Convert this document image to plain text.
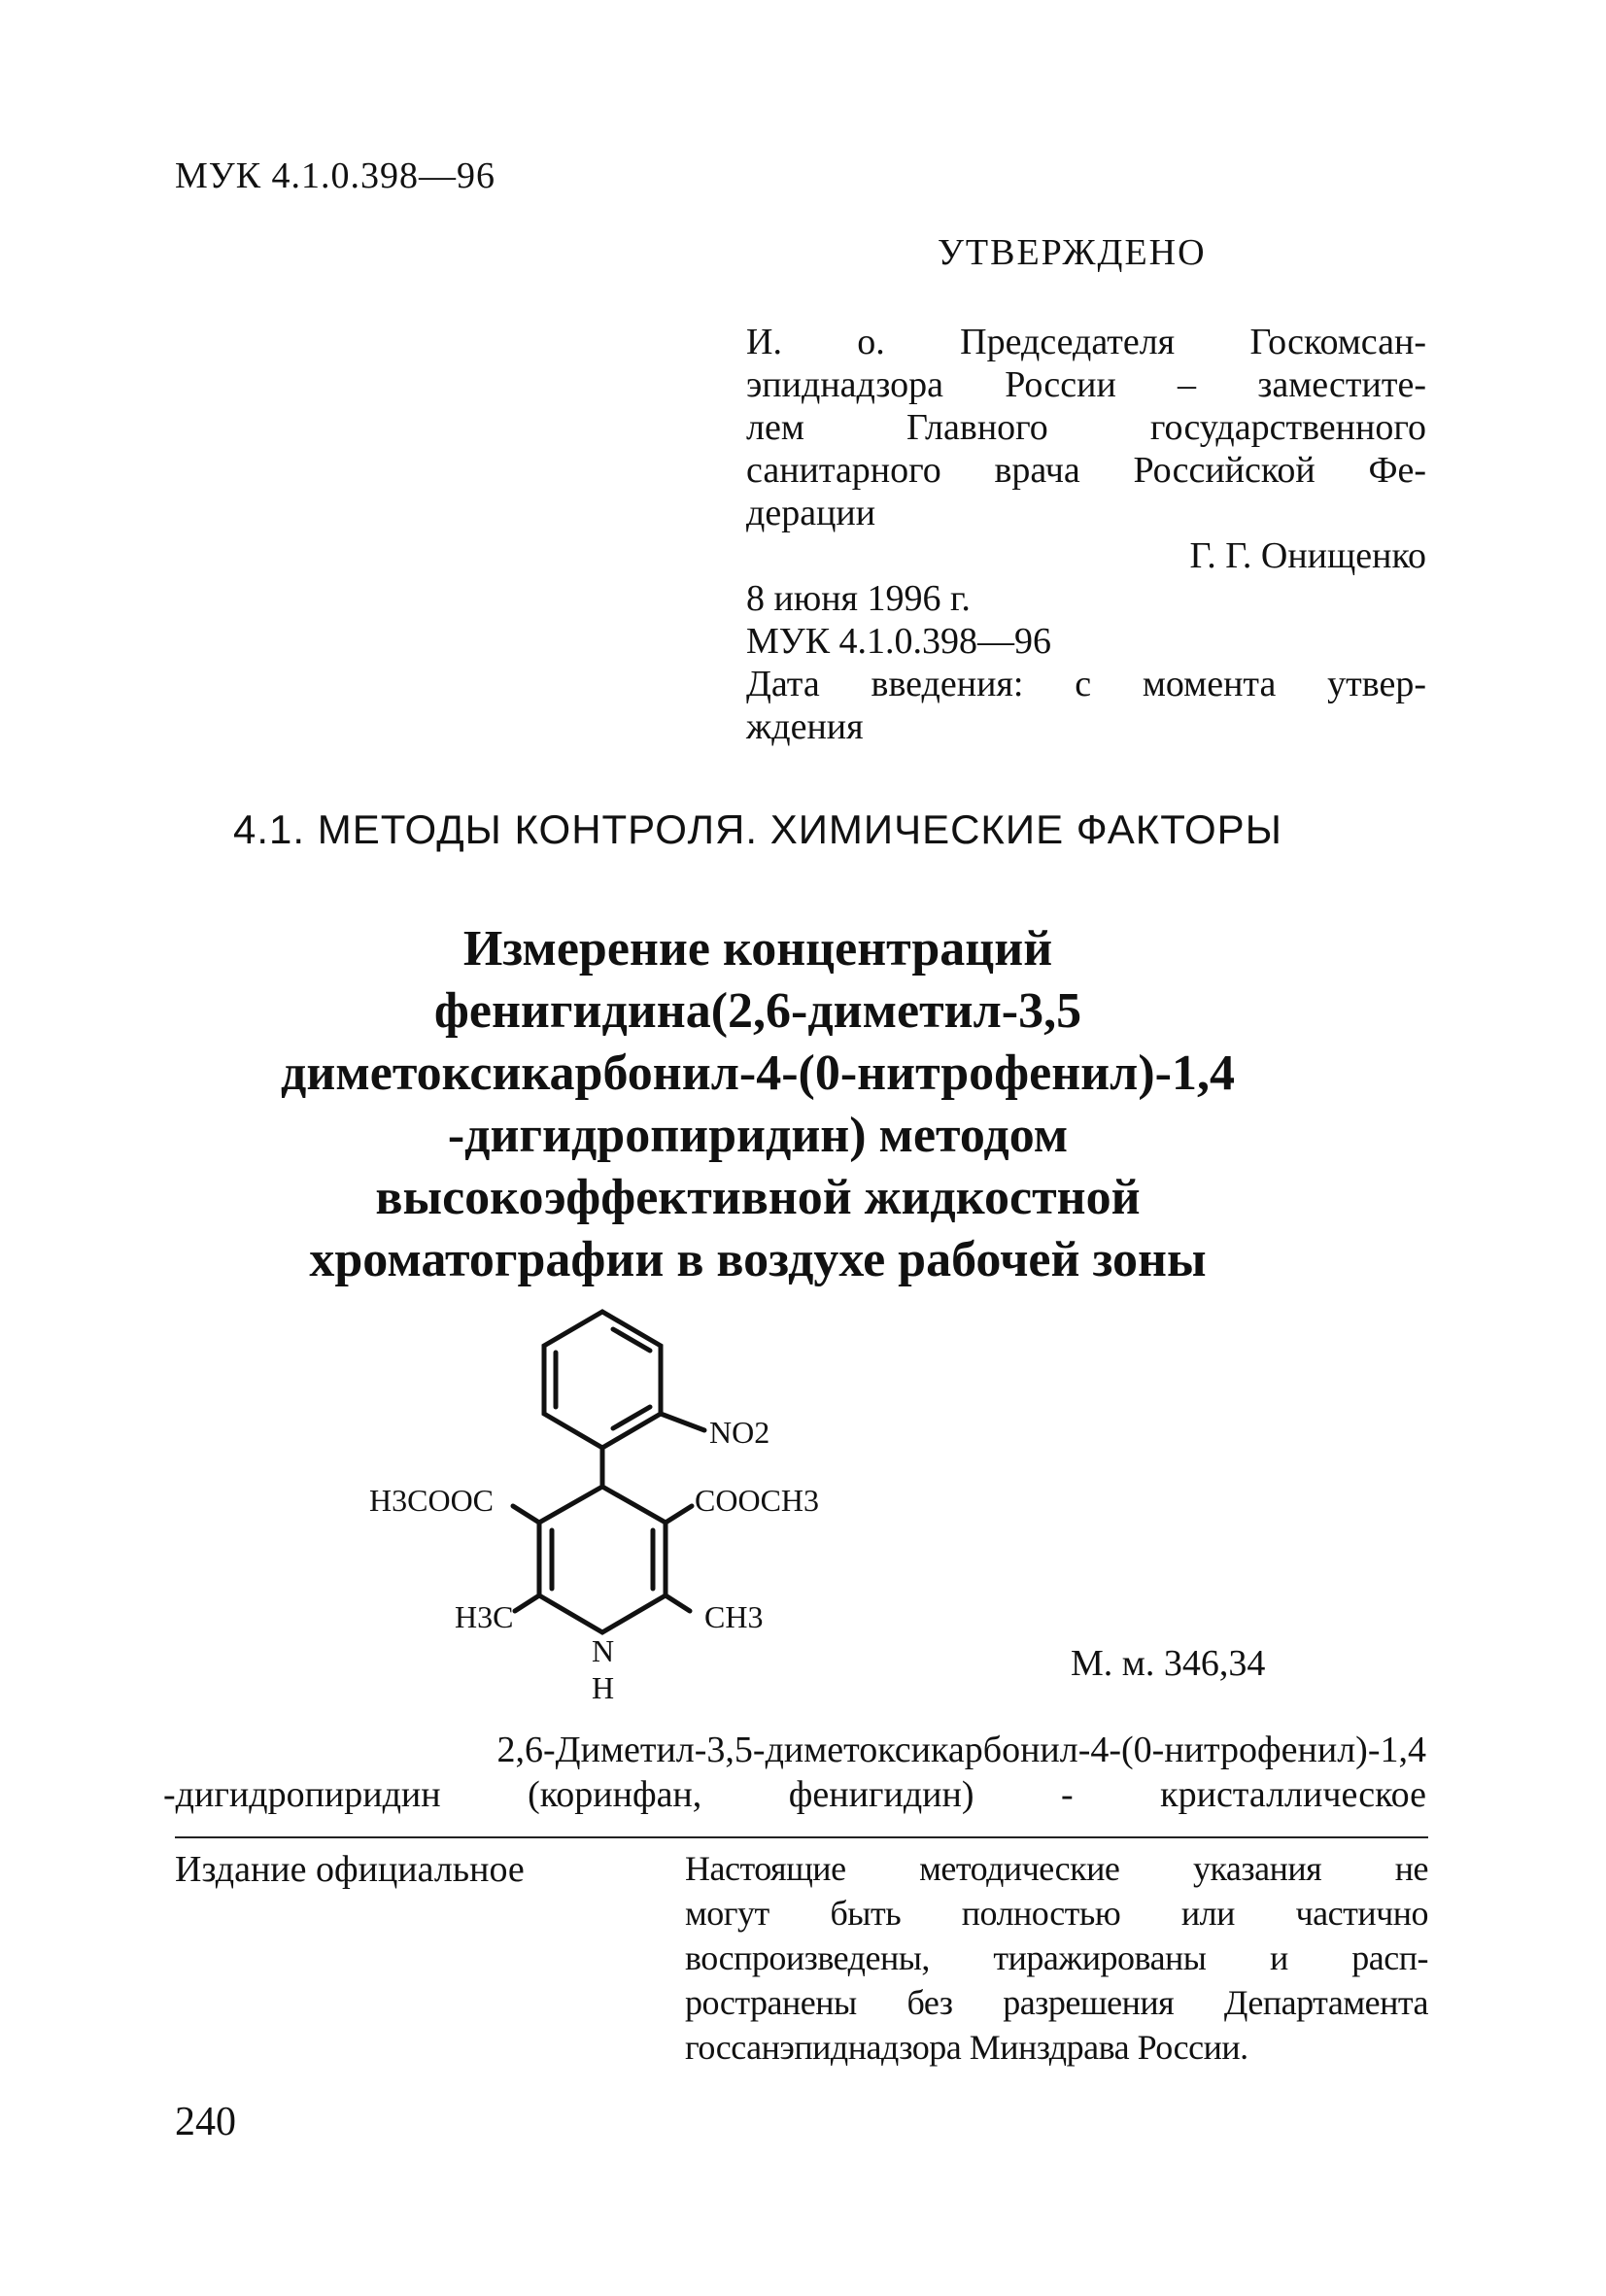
МУК 4.1.0.398—96
УТВЕРЖДЕНО
И. о. Председателя Госкомсан-
эпиднадзора России – заместите-
лем Главного государственного
санитарного врача Российской Фе-
дерации
Г. Г. Онищенко
8 июня 1996 г.
МУК 4.1.0.398—96
Дата введения: с момента утвер-
ждения
4.1. МЕТОДЫ КОНТРОЛЯ. ХИМИЧЕСКИЕ ФАКТОРЫ
Измерение концентраций
фенигидина(2,6-диметил-3,5
диметоксикарбонил-4-(0-нитрофенил)-1,4
-дигидропиридин) методом
высокоэффективной жидкостной
хроматографии в воздухе рабочей зоны
NO2
H3COOC	COOCH3
H3C	CH3
N
H
М. м. 346,34
2,6-Диметил-3,5-диметоксикарбонил-4-(0-нитрофенил)-1,4
-дигидропиридин (коринфан, фенигидин) - кристаллическое
Издание официальное	Настоящие методические указания не
могут быть полностью или частично
воспроизведены, тиражированы и расп-
ространены без разрешения Департамента
госсанэпиднадзора Минздрава России.
240
